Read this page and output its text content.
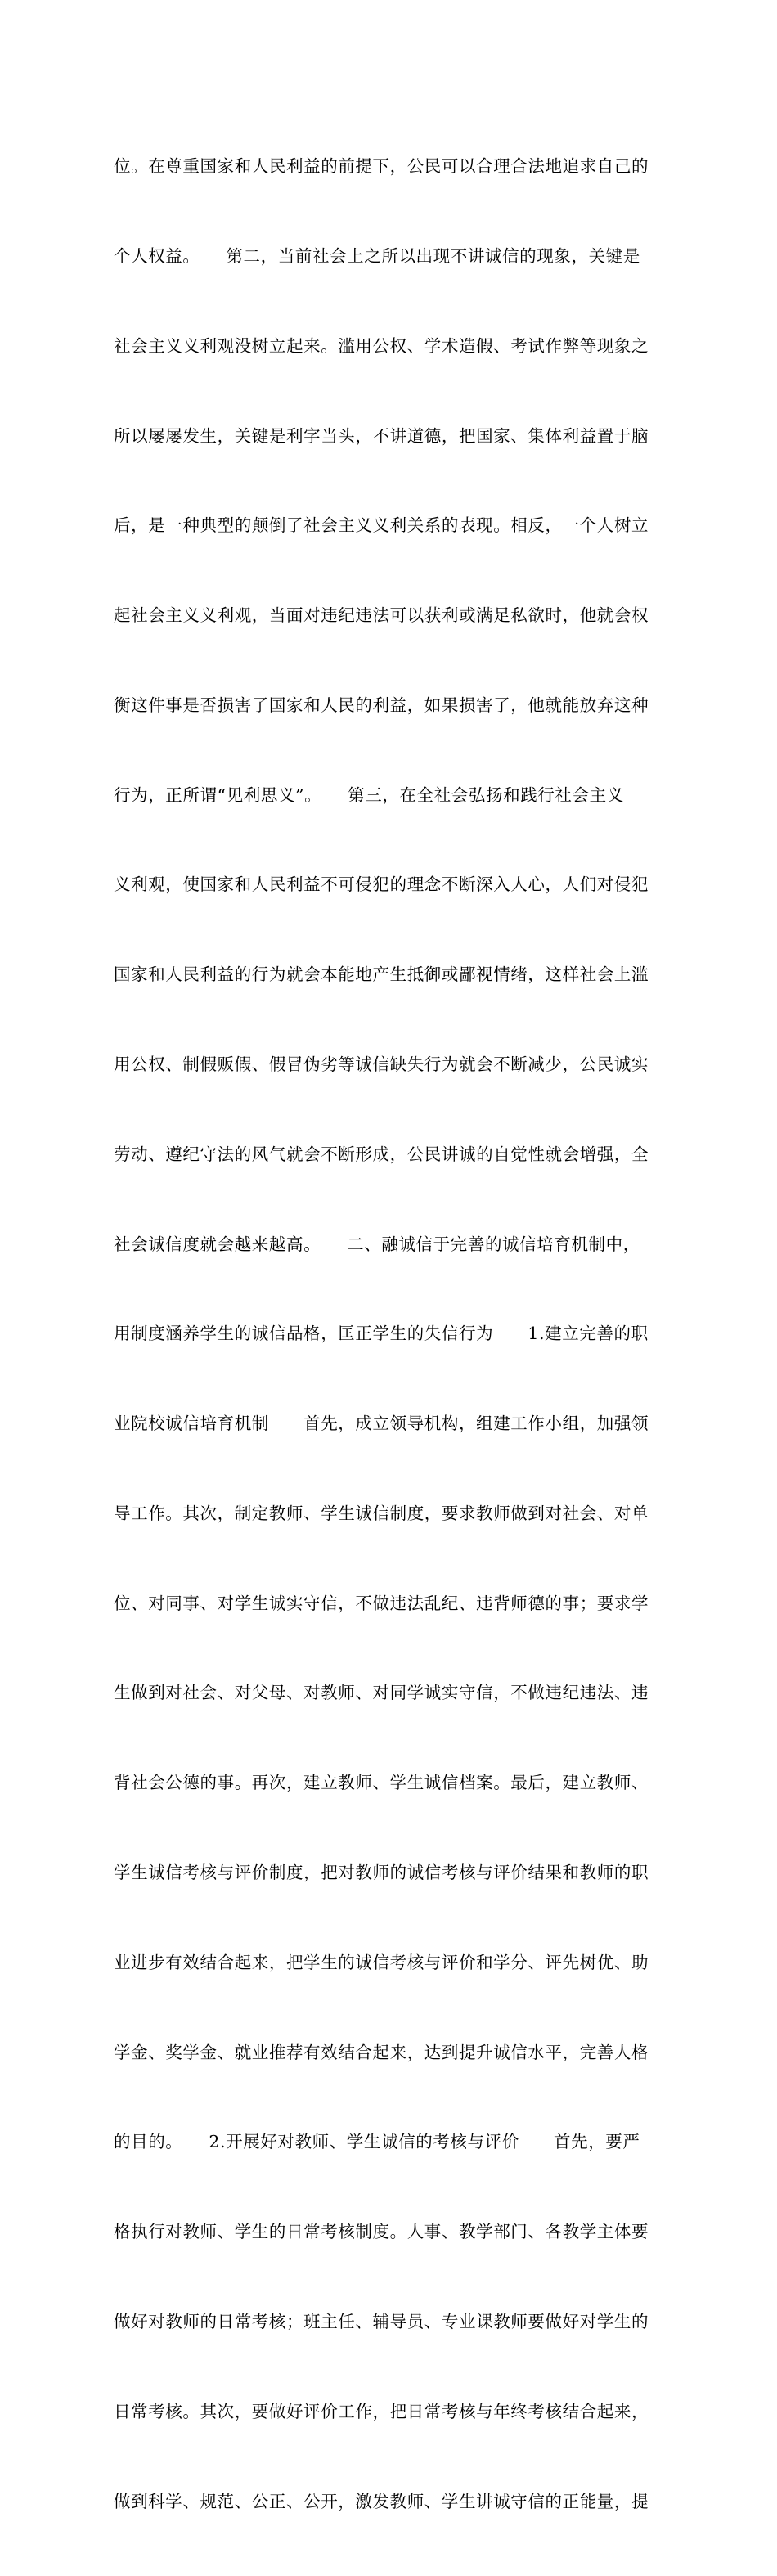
位。在尊重国家和人民利益的前提下，公民可以合理合法地追求自己的

个人权益。　　第二，当前社会上之所以出现不讲诚信的现象，关键是

社会主义义利观没树立起来。滥用公权、学术造假、考试作弊等现象之

所以屡屡发生，关键是利字当头，不讲道德，把国家、集体利益置于脑

后，是一种典型的颠倒了社会主义义利关系的表现。相反，一个人树立

起社会主义义利观，当面对违纪违法可以获利或满足私欲时，他就会权

衡这件事是否损害了国家和人民的利益，如果损害了，他就能放弃这种

行为，正所谓“见利思义”。　　第三，在全社会弘扬和践行社会主义

义利观，使国家和人民利益不可侵犯的理念不断深入人心，人们对侵犯

国家和人民利益的行为就会本能地产生抵御或鄙视情绪，这样社会上滥

用公权、制假贩假、假冒伪劣等诚信缺失行为就会不断减少，公民诚实

劳动、遵纪守法的风气就会不断形成，公民讲诚的自觉性就会增强，全

社会诚信度就会越来越高。　　二、融诚信于完善的诚信培育机制中，

用制度涵养学生的诚信品格，匡正学生的失信行为　　1.建立完善的职

业院校诚信培育机制　　首先，成立领导机构，组建工作小组，加强领

导工作。其次，制定教师、学生诚信制度，要求教师做到对社会、对单

位、对同事、对学生诚实守信，不做违法乱纪、违背师德的事；要求学

生做到对社会、对父母、对教师、对同学诚实守信，不做违纪违法、违

背社会公德的事。再次，建立教师、学生诚信档案。最后，建立教师、

学生诚信考核与评价制度，把对教师的诚信考核与评价结果和教师的职

业进步有效结合起来，把学生的诚信考核与评价和学分、评先树优、助

学金、奖学金、就业推荐有效结合起来，达到提升诚信水平，完善人格

的目的。　　2.开展好对教师、学生诚信的考核与评价　　首先，要严

格执行对教师、学生的日常考核制度。人事、教学部门、各教学主体要

做好对教师的日常考核；班主任、辅导员、专业课教师要做好对学生的

日常考核。其次，要做好评价工作，把日常考核与年终考核结合起来，

做到科学、规范、公正、公开，激发教师、学生讲诚守信的正能量，提
